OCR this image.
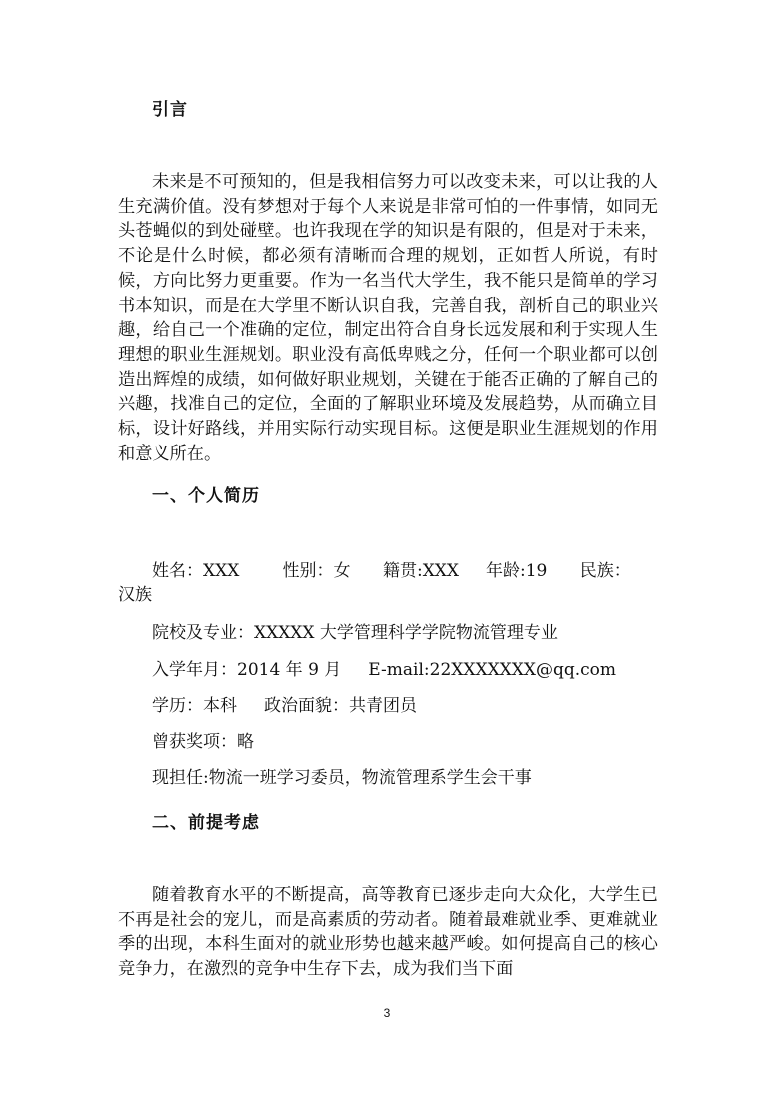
引言

未来是不可预知的，但是我相信努力可以改变未来，可以让我的人生充满价值。没有梦想对于每个人来说是非常可怕的一件事情，如同无头苍蝇似的到处碰壁。也许我现在学的知识是有限的，但是对于未来，不论是什么时候，都必须有清晰而合理的规划，正如哲人所说，有时候，方向比努力更重要。作为一名当代大学生，我不能只是简单的学习书本知识，而是在大学里不断认识自我，完善自我，剖析自己的职业兴趣，给自己一个准确的定位，制定出符合自身长远发展和利于实现人生理想的职业生涯规划。职业没有高低卑贱之分，任何一个职业都可以创造出辉煌的成绩，如何做好职业规划，关键在于能否正确的了解自己的兴趣，找准自己的定位，全面的了解职业环境及发展趋势，从而确立目标，设计好路线，并用实际行动实现目标。这便是职业生涯规划的作用和意义所在。

一、个人简历
姓名：XXX        性别：女      籍贯:XXX     年龄:19      民族：
汉族
院校及专业：XXXXX 大学管理科学学院物流管理专业
入学年月：2014 年 9 月     E-mail:22XXXXXXX@qq.com
学历：本科     政治面貌：共青团员
曾获奖项：略
现担任:物流一班学习委员，物流管理系学生会干事
二、前提考虑

随着教育水平的不断提高，高等教育已逐步走向大众化，大学生已不再是社会的宠儿，而是高素质的劳动者。随着最难就业季、更难就业季的出现，本科生面对的就业形势也越来越严峻。如何提高自己的核心竞争力，在激烈的竞争中生存下去，成为我们当下面

3
